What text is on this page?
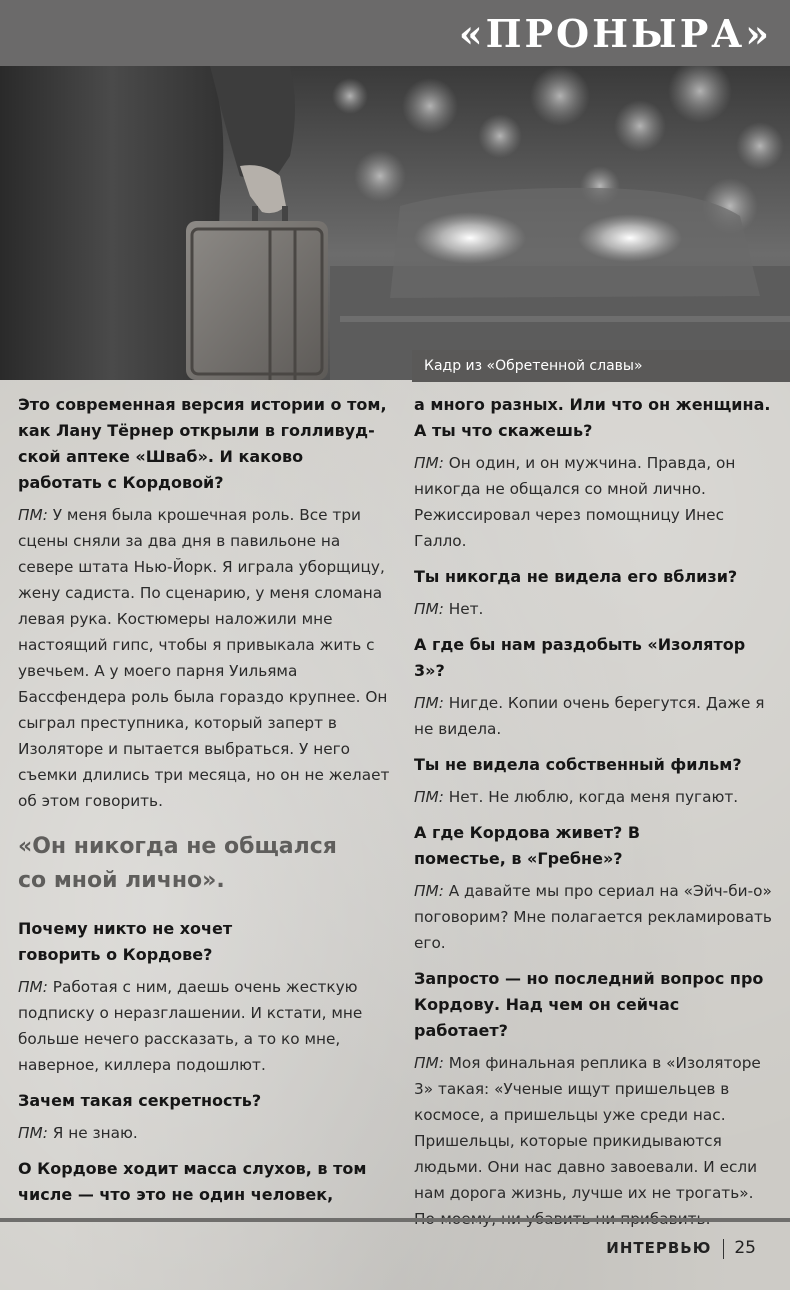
«ПРОНЫРА»
Кадр из «Обретенной славы»

Это современная версия истории о том, как Лану Тёрнер открыли в голливудской аптеке «Шваб». И каково работать с Кордовой?

ПМ: У меня была крошечная роль. Все три сцены сняли за два дня в павильоне на севере штата Нью-Йорк. Я играла уборщицу, жену садиста. По сценарию, у меня сломана левая рука. Костюмеры наложили мне настоящий гипс, чтобы я привыкала жить с увечьем. А у моего парня Уильяма Бассфендера роль была гораздо крупнее. Он сыграл преступника, который заперт в Изоляторе и пытается выбраться. У него съемки длились три месяца, но он не желает об этом говорить.

«Он никогда не общался со мной лично».

Почему никто не хочет говорить о Кордове?

ПМ: Работая с ним, даешь очень жесткую подписку о неразглашении. И кстати, мне больше нечего рассказать, а то ко мне, наверное, киллера подошлют.

Зачем такая секретность?

ПМ: Я не знаю.

О Кордове ходит масса слухов, в том числе — что это не один человек,

а много разных. Или что он женщина. А ты что скажешь?

ПМ: Он один, и он мужчина. Правда, он никогда не общался со мной лично. Режиссировал через помощницу Инес Галло.

Ты никогда не видела его вблизи?

ПМ: Нет.

А где бы нам раздобыть «Изолятор 3»?

ПМ: Нигде. Копии очень берегутся. Даже я не видела.

Ты не видела собственный фильм?

ПМ: Нет. Не люблю, когда меня пугают.

А где Кордова живет? В поместье, в «Гребне»?

ПМ: А давайте мы про сериал на «Эйч-би-о» поговорим? Мне полагается рекламировать его.

Запросто — но последний вопрос про Кордову. Над чем он сейчас работает?

ПМ: Моя финальная реплика в «Изоляторе 3» такая: «Ученые ищут пришельцев в космосе, а пришельцы уже среди нас. Пришельцы, которые прикидываются людьми. Они нас давно завоевали. И если нам дорога жизнь, лучше их не трогать».

ИНТЕРВЬЮ 25
